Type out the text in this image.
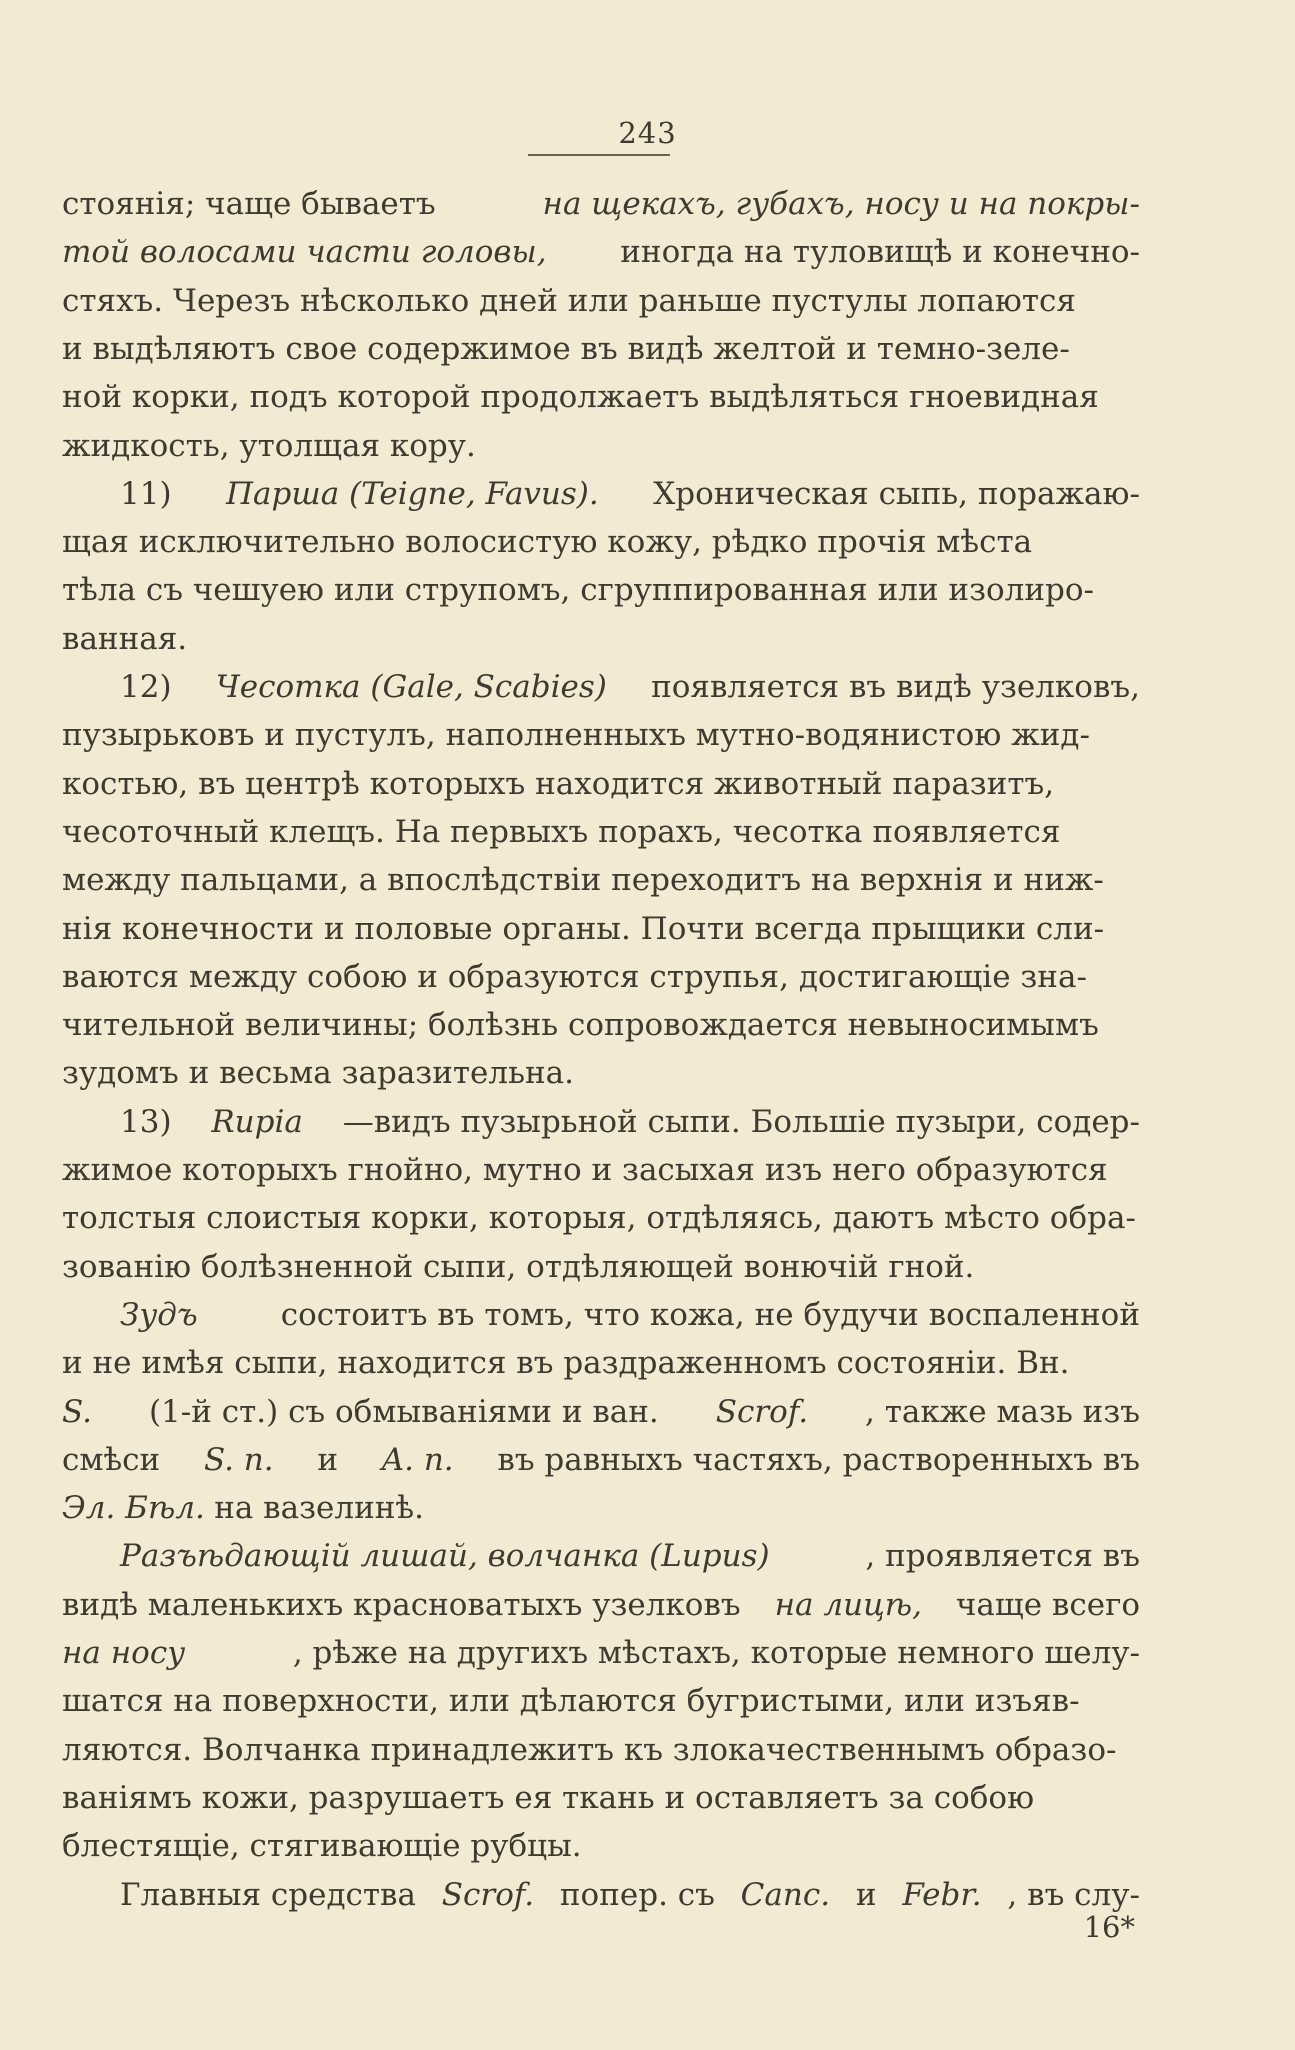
243
стоянія; чаще бываетъ	на щекахъ, губахъ, носу и на покры-
той волосами части головы, иногда на туловищѣ и конечно-
стяхъ. Черезъ нѣсколько дней или раньше пустулы лопаются
и выдѣляютъ свое содержимое въ видѣ желтой и темно-зеле-
ной корки, подъ которой продолжаетъ выдѣляться гноевидная
жидкость, утолщая кору.
11) Парша (Teigne, Favus). Хроническая сыпь, поражаю-
щая исключительно волосистую кожу, рѣдко прочія мѣста
тѣла съ чешуею или струпомъ, сгруппированная или изолиро-
ванная.
12) Чесотка (Gale, Scabies) появляется въ видѣ узелковъ,
пузырьковъ и пустулъ, наполненныхъ мутно-водянистою жид-
костью, въ центрѣ которыхъ находится животный паразитъ,
чесоточный клещъ. На первыхъ порахъ, чесотка появляется
между пальцами, а впослѣдствіи переходитъ на верхнія и ниж-
нія конечности и половые органы. Почти всегда прыщики сли-
ваются между собою и образуются струпья, достигающіе зна-
чительной величины; болѣзнь сопровождается невыносимымъ
зудомъ и весьма заразительна.
13) Rupia —видъ пузырьной сыпи. Большіе пузыри, содер-
жимое которыхъ гнойно, мутно и засыхая изъ него образуются
толстыя слоистыя корки, которыя, отдѣляясь, даютъ мѣсто обра-
зованію болѣзненной сыпи, отдѣляющей вонючій гной.
Зудъ	состоитъ въ томъ, что кожа, не будучи воспаленной
и не имѣя сыпи, находится въ раздраженномъ состояніи. Вн.
S. (1-й ст.) съ обмываніями и ван. Scrof. , также мазь изъ
смѣси S. n. и A. n. въ равныхъ частяхъ, растворенныхъ въ
Эл. Бѣл. на вазелинѣ.
Разъѣдающій лишай, волчанка (Lupus)	, проявляется въ
видѣ маленькихъ красноватыхъ узелковъ на лицѣ, чаще всего
на носу	, рѣже на другихъ мѣстахъ, которые немного шелу-
шатся на поверхности, или дѣлаются бугристыми, или изъяв-
ляются. Волчанка принадлежитъ къ злокачественнымъ образо-
ваніямъ кожи, разрушаетъ ея ткань и оставляетъ за собою
блестящіе, стягивающіе рубцы.
Главныя средства Scrof. попер. съ Canc. и Febr. , въ слу-
16*
